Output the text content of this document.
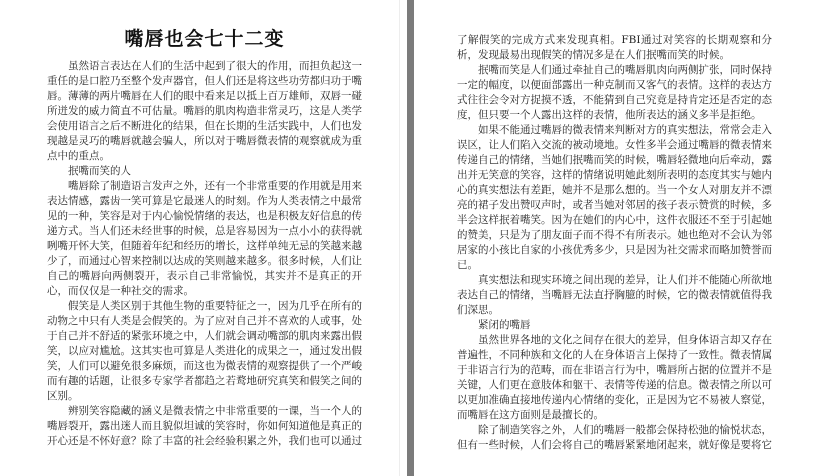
嘴唇也会七十二变

虽然语言表达在人们的生活中起到了很大的作用，而担负起这一重任的是口腔乃至整个发声器官，但人们还是将这些功劳都归功于嘴唇。薄薄的两片嘴唇在人们的眼中看来足以抵上百万雄师，双唇一碰所迸发的威力简直不可估量。嘴唇的肌肉构造非常灵巧，这是人类学会使用语言之后不断进化的结果，但在长期的生活实践中，人们也发现越是灵巧的嘴唇就越会骗人，所以对于嘴唇微表情的观察就成为重点中的重点。

抿嘴而笑的人

嘴唇除了制造语言发声之外，还有一个非常重要的作用就是用来表达情感，露齿一笑可算是它最迷人的时刻。作为人类表情之中最常见的一种，笑容是对于内心愉悦情绪的表达，也是积极友好信息的传递方式。当人们还未经世事的时候，总是容易因为一点小小的获得就咧嘴开怀大笑，但随着年纪和经历的增长，这样单纯无忌的笑越来越少了，而通过心智来控制以达成的笑则越来越多。很多时候，人们让自己的嘴唇向两侧裂开，表示自己非常愉悦，其实并不是真正的开心，而仅仅是一种社交的需求。

假笑是人类区别于其他生物的重要特征之一，因为几乎在所有的动物之中只有人类是会假笑的。为了应对自己并不喜欢的人或事，处于自己并不舒适的紧张环境之中，人们就会调动嘴部的肌肉来露出假笑，以应对尴尬。这其实也可算是人类进化的成果之一，通过发出假笑，人们可以避免很多麻烦，而这也为微表情的观察提供了一个严峻而有趣的话题，让很多专家学者都趋之若鹜地研究真笑和假笑之间的区别。

辨别笑容隐藏的涵义是微表情之中非常重要的一课，当一个人的嘴唇裂开，露出迷人而且貌似坦诚的笑容时，你如何知道他是真正的开心还是不怀好意？除了丰富的社会经验积累之外，我们也可以通过

了解假笑的完成方式来发现真相。FBI通过对笑容的长期观察和分析，发现最易出现假笑的情况多是在人们抿嘴而笑的时候。

抿嘴而笑是人们通过牵扯自己的嘴唇肌肉向两侧扩张，同时保持一定的幅度，以便面部露出一种克制而又客气的表情。这样的表达方式往往会令对方捉摸不透，不能猜到自己究竟是持肯定还是否定的态度，但只要一个人露出这样的表情，他所表达的涵义多半是拒绝。

如果不能通过嘴唇的微表情来判断对方的真实想法，常常会走入误区，让人们陷入交流的被动境地。女性多半会通过嘴唇的微表情来传递自己的情绪，当她们抿嘴而笑的时候，嘴唇轻微地向后牵动，露出并无笑意的笑容，这样的情绪说明她此刻所表明的态度其实与她内心的真实想法有差距，她并不是那么想的。当一个女人对朋友并不漂亮的裙子发出赞叹声时，或者当她对邻居的孩子表示赞赏的时候，多半会这样抿着嘴笑。因为在她们的内心中，这件衣服还不至于引起她的赞美，只是为了朋友面子而不得不有所表示。她也绝对不会认为邻居家的小孩比自家的小孩优秀多少，只是因为社交需求而略加赞誉而已。

真实想法和现实环境之间出现的差异，让人们并不能随心所欲地表达自己的情绪，当嘴唇无法直抒胸臆的时候，它的微表情就值得我们深思。

紧闭的嘴唇

虽然世界各地的文化之间存在很大的差异，但身体语言却又存在普遍性，不同种族和文化的人在身体语言上保持了一致性。微表情属于非语言行为的范畴，而在非语言行为中，嘴唇所占据的位置并不是关键，人们更在意肢体和躯干、表情等传递的信息。微表情之所以可以更加准确直接地传递内心情绪的变化，正是因为它不易被人察觉，而嘴唇在这方面则是最擅长的。

除了制造笑容之外，人们的嘴唇一般都会保持松弛的愉悦状态，但有一些时候，人们会将自己的嘴唇紧紧地闭起来，就好像是要将它
